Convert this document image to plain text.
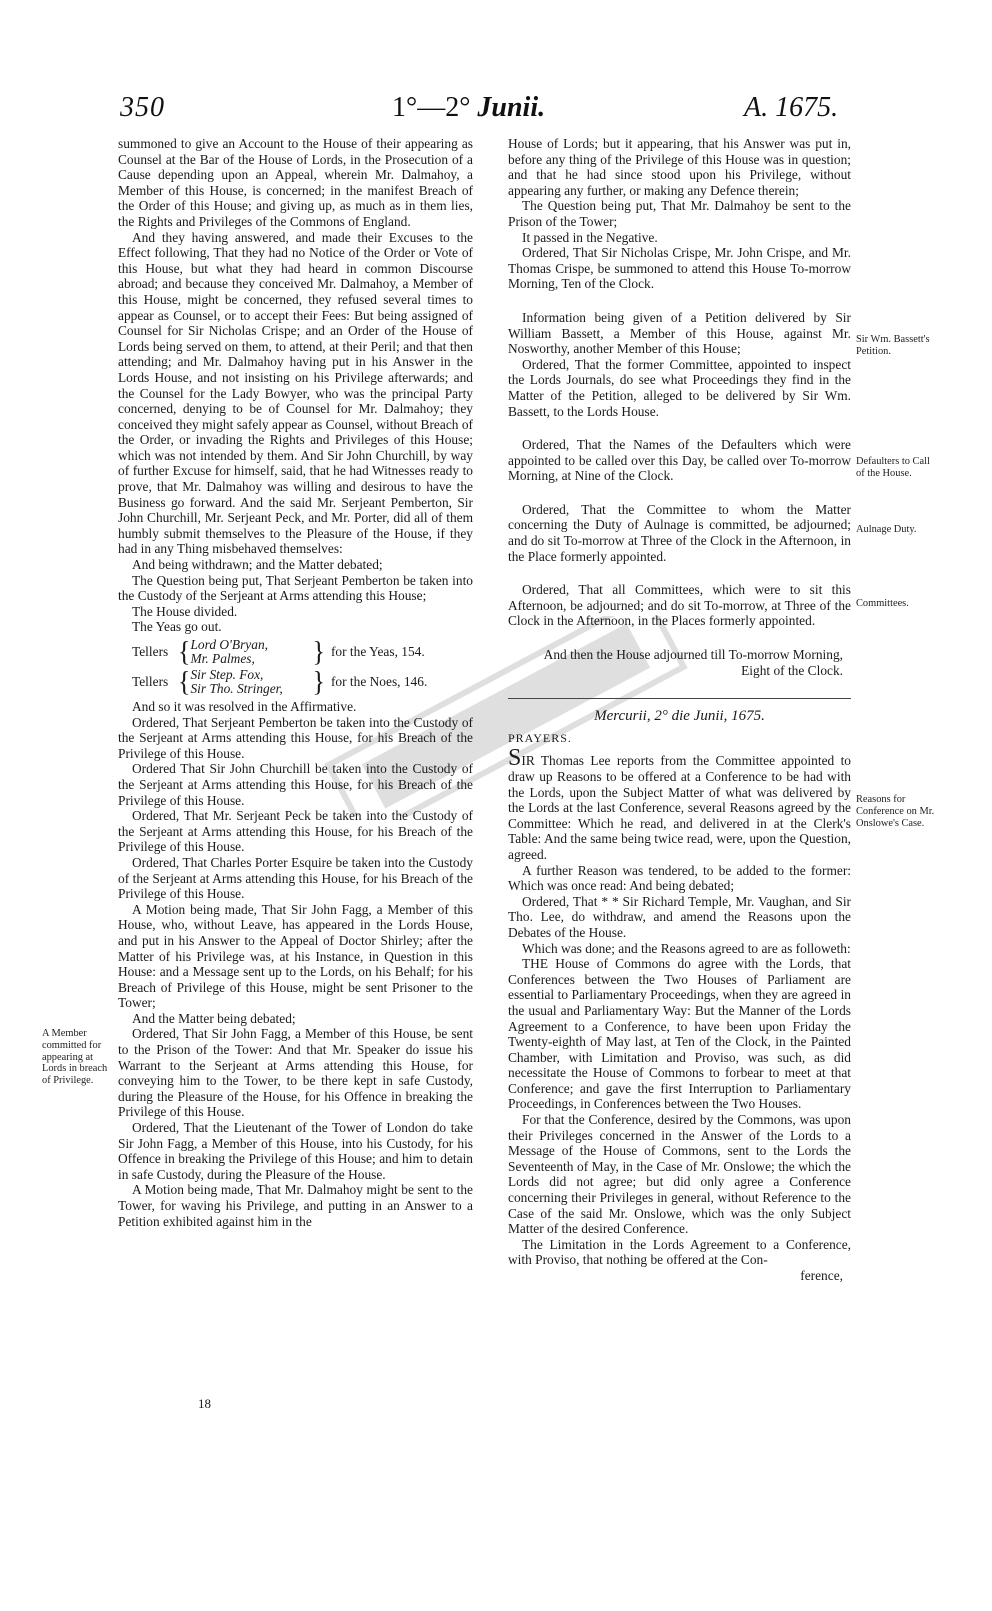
350	1°—2° Junii.	A. 1675.

summoned to give an Account to the House of their appearing as Counsel at the Bar of the House of Lords, in the Prosecution of a Cause depending upon an Appeal, wherein Mr. Dalmahoy, a Member of this House, is concerned; in the manifest Breach of the Order of this House; and giving up, as much as in them lies, the Rights and Privileges of the Commons of England.

And they having answered, and made their Excuses to the Effect following, That they had no Notice of the Order or Vote of this House, but what they had heard in common Discourse abroad; and because they conceived Mr. Dalmahoy, a Member of this House, might be concerned, they refused several times to appear as Counsel, or to accept their Fees: But being assigned of Counsel for Sir Nicholas Crispe; and an Order of the House of Lords being served on them, to attend, at their Peril; and that then attending; and Mr. Dalmahoy having put in his Answer in the Lords House, and not insisting on his Privilege afterwards; and the Counsel for the Lady Bowyer, who was the principal Party concerned, denying to be of Counsel for Mr. Dalmahoy; they conceived they might safely appear as Counsel, without Breach of the Order, or invading the Rights and Privileges of this House; which was not intended by them. And Sir John Churchill, by way of further Excuse for himself, said, that he had Witnesses ready to prove, that Mr. Dalmahoy was willing and desirous to have the Business go forward. And the said Mr. Serjeant Pemberton, Sir John Churchill, Mr. Serjeant Peck, and Mr. Porter, did all of them humbly submit themselves to the Pleasure of the House, if they had in any Thing misbehaved themselves:

And being withdrawn; and the Matter debated;

The Question being put, That Serjeant Pemberton be taken into the Custody of the Serjeant at Arms attending this House;

The House divided.

The Yeas go out.

Tellers { Lord O'Bryan,
Mr. Palmes,	} for the Yeas, 154.
Tellers { Sir Step. Fox,
Sir Tho. Stringer,	} for the Noes, 146.

And so it was resolved in the Affirmative.

Ordered, That Serjeant Pemberton be taken into the Custody of the Serjeant at Arms attending this House, for his Breach of the Privilege of this House.

Ordered That Sir John Churchill be taken into the Custody of the Serjeant at Arms attending this House, for his Breach of the Privilege of this House.

Ordered, That Mr. Serjeant Peck be taken into the Custody of the Serjeant at Arms attending this House, for his Breach of the Privilege of this House.

Ordered, That Charles Porter Esquire be taken into the Custody of the Serjeant at Arms attending this House, for his Breach of the Privilege of this House.

A Motion being made, That Sir John Fagg, a Member of this House, who, without Leave, has appeared in the Lords House, and put in his Answer to the Appeal of Doctor Shirley; after the Matter of his Privilege was, at his Instance, in Question in this House: and a Message sent up to the Lords, on his Behalf; for his Breach of Privilege of this House, might be sent Prisoner to the Tower;

And the Matter being debated;

Ordered, That Sir John Fagg, a Member of this House, be sent to the Prison of the Tower: And that Mr. Speaker do issue his Warrant to the Serjeant at Arms attending this House, for conveying him to the Tower, to be there kept in safe Custody, during the Pleasure of the House, for his Offence in breaking the Privilege of this House.

Ordered, That the Lieutenant of the Tower of London do take Sir John Fagg, a Member of this House, into his Custody, for his Offence in breaking the Privilege of this House; and him to detain in safe Custody, during the Pleasure of the House.

A Motion being made, That Mr. Dalmahoy might be sent to the Tower, for waving his Privilege, and putting in an Answer to a Petition exhibited against him in the

House of Lords; but it appearing, that his Answer was put in, before any thing of the Privilege of this House was in question; and that he had since stood upon his Privilege, without appearing any further, or making any Defence therein;

The Question being put, That Mr. Dalmahoy be sent to the Prison of the Tower;

It passed in the Negative.

Ordered, That Sir Nicholas Crispe, Mr. John Crispe, and Mr. Thomas Crispe, be summoned to attend this House To-morrow Morning, Ten of the Clock.

Information being given of a Petition delivered by Sir William Bassett, a Member of this House, against Mr. Nosworthy, another Member of this House;

Ordered, That the former Committee, appointed to inspect the Lords Journals, do see what Proceedings they find in the Matter of the Petition, alleged to be delivered by Sir Wm. Bassett, to the Lords House.

Ordered, That the Names of the Defaulters which were appointed to be called over this Day, be called over To-morrow Morning, at Nine of the Clock.

Ordered, That the Committee to whom the Matter concerning the Duty of Aulnage is committed, be adjourned; and do sit To-morrow at Three of the Clock in the Afternoon, in the Place formerly appointed.

Ordered, That all Committees, which were to sit this Afternoon, be adjourned; and do sit To-morrow, at Three of the Clock in the Afternoon, in the Places formerly appointed.

And then the House adjourned till To-morrow Morning, Eight of the Clock.

Mercurii, 2° die Junii, 1675.
PRAYERS.

SIR Thomas Lee reports from the Committee appointed to draw up Reasons to be offered at a Conference to be had with the Lords, upon the Subject Matter of what was delivered by the Lords at the last Conference, several Reasons agreed by the Committee: Which he read, and delivered in at the Clerk's Table: And the same being twice read, were, upon the Question, agreed.

A further Reason was tendered, to be added to the former: Which was once read: And being debated;

Ordered, That * * Sir Richard Temple, Mr. Vaughan, and Sir Tho. Lee, do withdraw, and amend the Reasons upon the Debates of the House.

Which was done; and the Reasons agreed to are as followeth:

THE House of Commons do agree with the Lords, that Conferences between the Two Houses of Parliament are essential to Parliamentary Proceedings, when they are agreed in the usual and Parliamentary Way: But the Manner of the Lords Agreement to a Conference, to have been upon Friday the Twenty-eighth of May last, at Ten of the Clock, in the Painted Chamber, with Limitation and Proviso, was such, as did necessitate the House of Commons to forbear to meet at that Conference; and gave the first Interruption to Parliamentary Proceedings, in Conferences between the Two Houses.

For that the Conference, desired by the Commons, was upon their Privileges concerned in the Answer of the Lords to a Message of the House of Commons, sent to the Lords the Seventeenth of May, in the Case of Mr. Onslowe; the which the Lords did not agree; but did only agree a Conference concerning their Privileges in general, without Reference to the Case of the said Mr. Onslowe, which was the only Subject Matter of the desired Conference.

The Limitation in the Lords Agreement to a Conference, with Proviso, that nothing be offered at the Con-

ference,

A Member committed for appearing at Lords in breach of Privilege.
Sir Wm. Bassett's Petition.
Defaulters to Call of the House.
Aulnage Duty.
Committees.
Reasons for Conference on Mr. Onslowe's Case.
18
